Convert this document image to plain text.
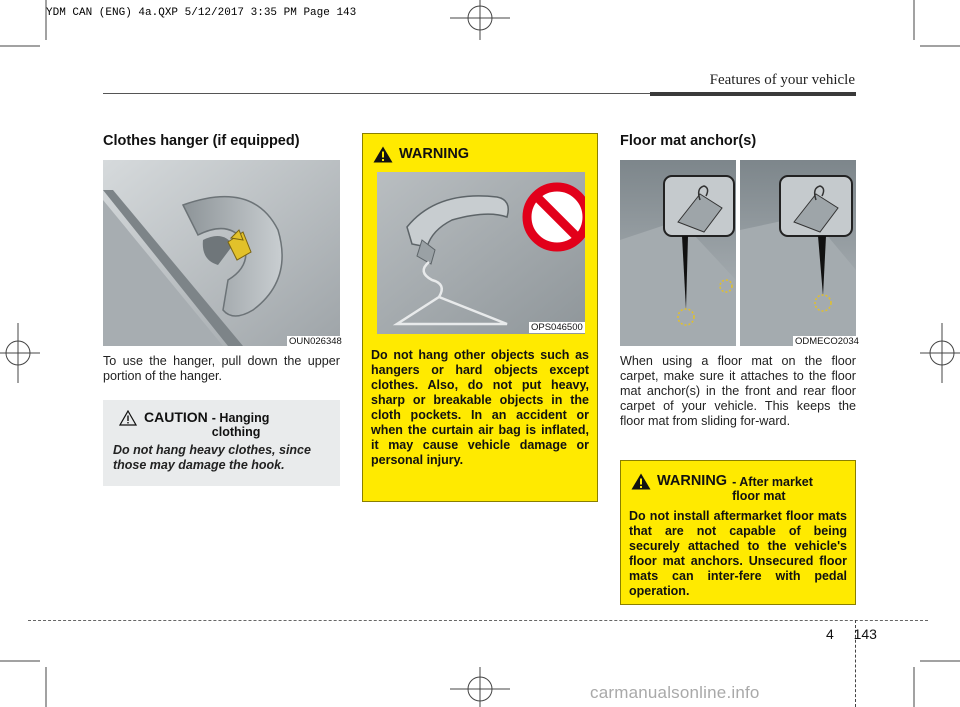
YDM CAN (ENG) 4a.QXP 5/12/2017 3:35 PM Page 143
Features of your vehicle
Clothes hanger (if equipped)
OUN026348
To use the hanger, pull down the upper portion of the hanger.
CAUTION - Hanging clothing
Do not hang heavy clothes, since those may damage the hook.
WARNING
OPS046500
Do not hang other objects such as hangers or hard objects except clothes. Also, do not put heavy, sharp or breakable objects in the cloth pockets. In an accident or when the curtain air bag is inflated, it may cause vehicle damage or personal injury.
Floor mat anchor(s)
ODMECO2034
When using a floor mat on the floor carpet, make sure it attaches to the floor mat anchor(s) in the front and rear floor carpet of your vehicle. This keeps the floor mat from sliding for-ward.
WARNING - After market floor mat
Do not install aftermarket floor mats that are not capable of being securely attached to the vehicle's floor mat anchors. Unsecured floor mats can inter-fere with pedal operation.
4 143
carmanualsonline.info
